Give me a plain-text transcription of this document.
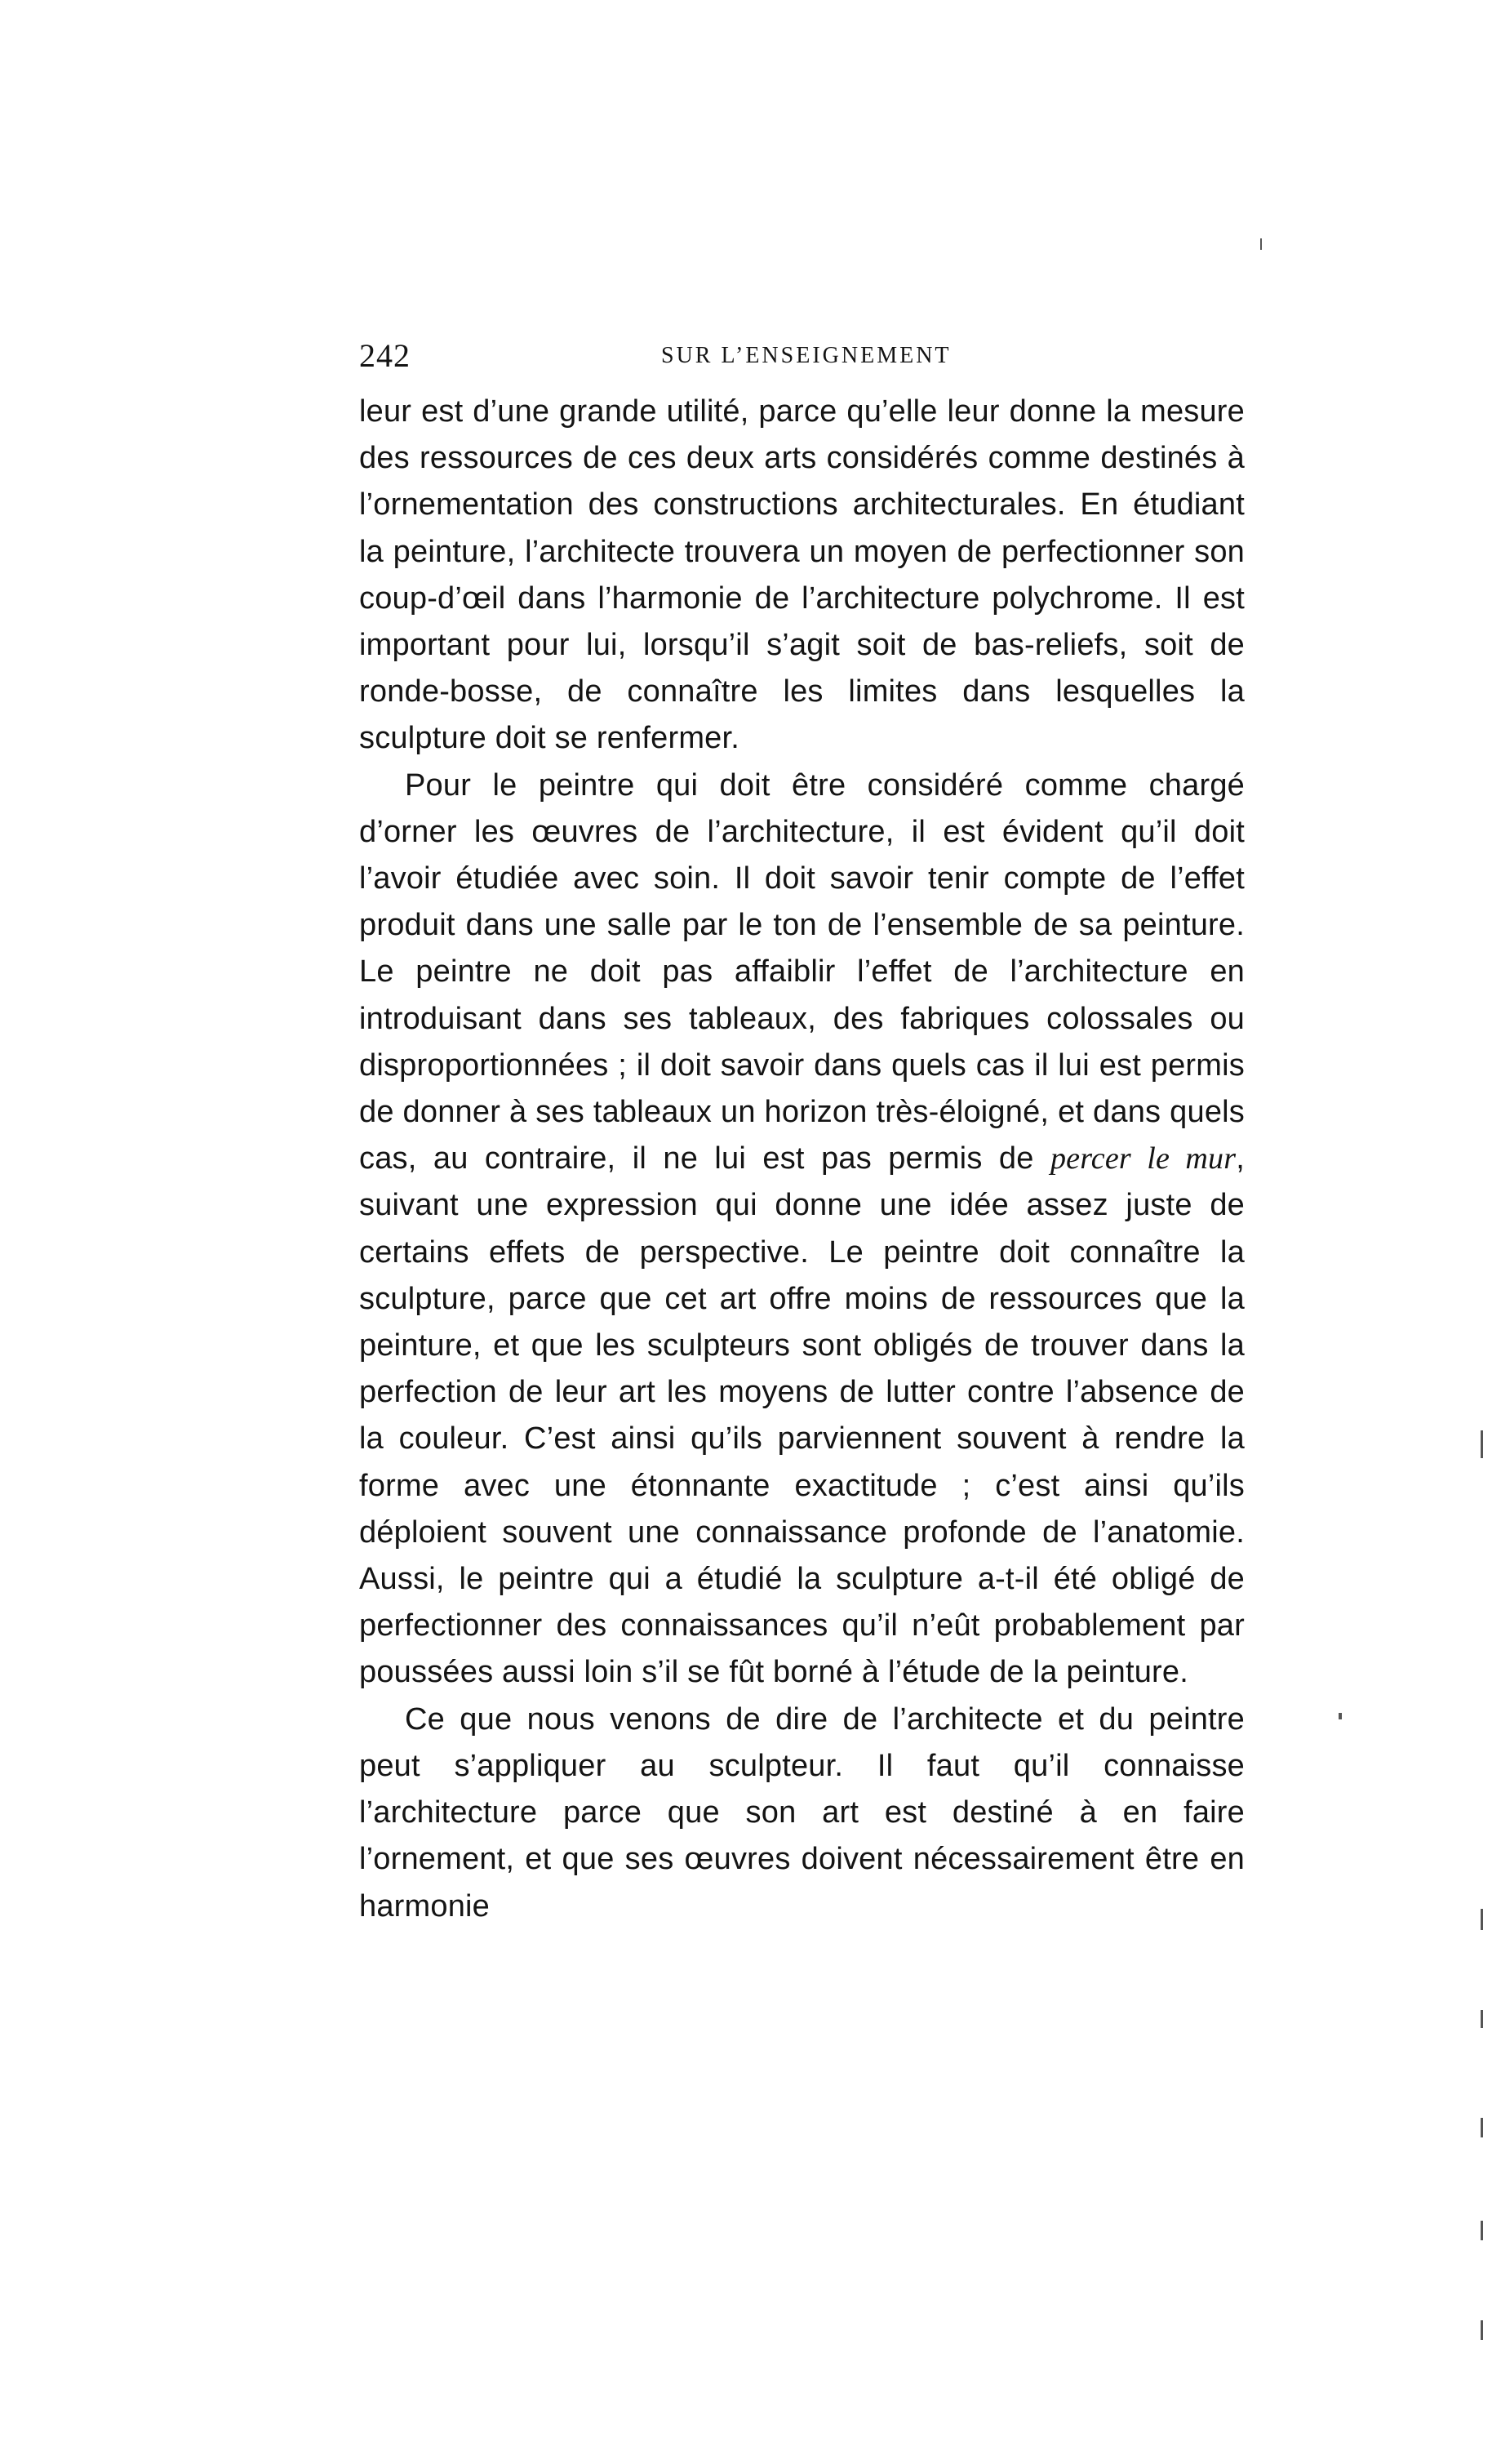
242	SUR L’ENSEIGNEMENT

leur est d’une grande utilité, parce qu’elle leur donne la mesure des ressources de ces deux arts considérés comme destinés à l’ornementation des constructions architecturales. En étudiant la peinture, l’architecte trouvera un moyen de perfectionner son coup-d’œil dans l’harmonie de l’architecture polychrome. Il est important pour lui, lorsqu’il s’agit soit de bas-reliefs, soit de ronde-bosse, de connaître les limites dans lesquelles la sculpture doit se renfermer.

Pour le peintre qui doit être considéré comme chargé d’orner les œuvres de l’architecture, il est évident qu’il doit l’avoir étudiée avec soin. Il doit savoir tenir compte de l’effet produit dans une salle par le ton de l’ensemble de sa peinture. Le peintre ne doit pas affaiblir l’effet de l’architecture en introduisant dans ses tableaux, des fabriques colossales ou disproportionnées ; il doit savoir dans quels cas il lui est permis de donner à ses tableaux un horizon très-éloigné, et dans quels cas, au contraire, il ne lui est pas permis de percer le mur, suivant une expression qui donne une idée assez juste de certains effets de perspective. Le peintre doit connaître la sculpture, parce que cet art offre moins de ressources que la peinture, et que les sculpteurs sont obligés de trouver dans la perfection de leur art les moyens de lutter contre l’absence de la couleur. C’est ainsi qu’ils parviennent souvent à rendre la forme avec une étonnante exactitude ; c’est ainsi qu’ils déploient souvent une connaissance profonde de l’anatomie. Aussi, le peintre qui a étudié la sculpture a-t-il été obligé de perfectionner des connaissances qu’il n’eût probablement par poussées aussi loin s’il se fût borné à l’étude de la peinture.

Ce que nous venons de dire de l’architecte et du peintre peut s’appliquer au sculpteur. Il faut qu’il connaisse l’architecture parce que son art est destiné à en faire l’ornement, et que ses œuvres doivent nécessairement être en harmonie
